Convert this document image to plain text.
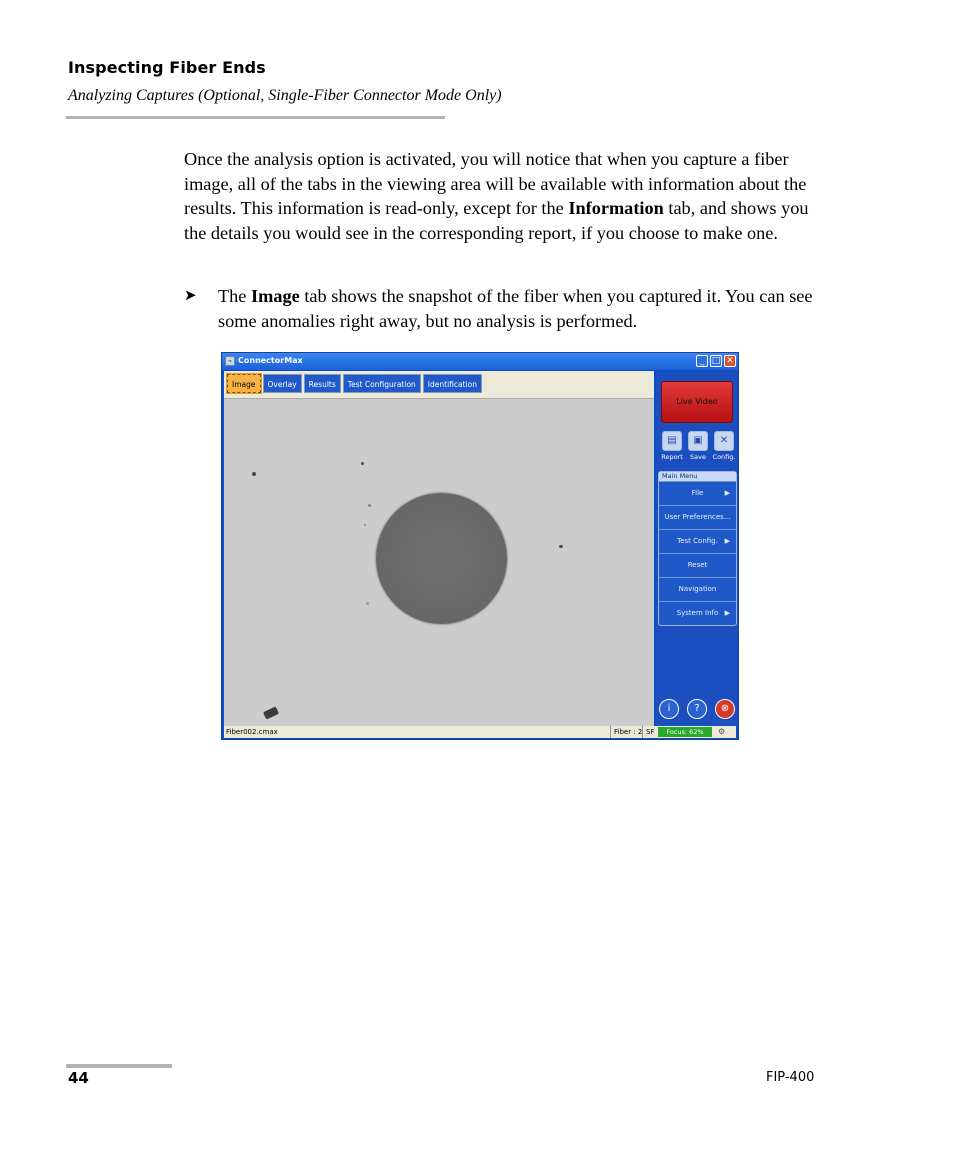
Inspecting Fiber Ends
Analyzing Captures (Optional, Single-Fiber Connector Mode Only)

Once the analysis option is activated, you will notice that when you capture a fiber image, all of the tabs in the viewing area will be available with information about the results. This information is read-only, except for the Information tab, and shows you the details you would see in the corresponding report, if you choose to make one.

➤ The Image tab shows the snapshot of the fiber when you captured it. You can see some anomalies right away, but no analysis is performed.
⌁ ConnectorMax	_ □ ✕
Image	Overlay	Results	Test Configuration	Identification
Live Video
▤
Report
▣
Save
✕
Config.
Main Menu
File	▶
User Preferences...
Test Config. ▶
Reset
Navigation
System Info ▶
i	?	⊗
Fiber002.cmax	Fiber : 2 SF	Focus: 62%	⚙
44	FIP-400
